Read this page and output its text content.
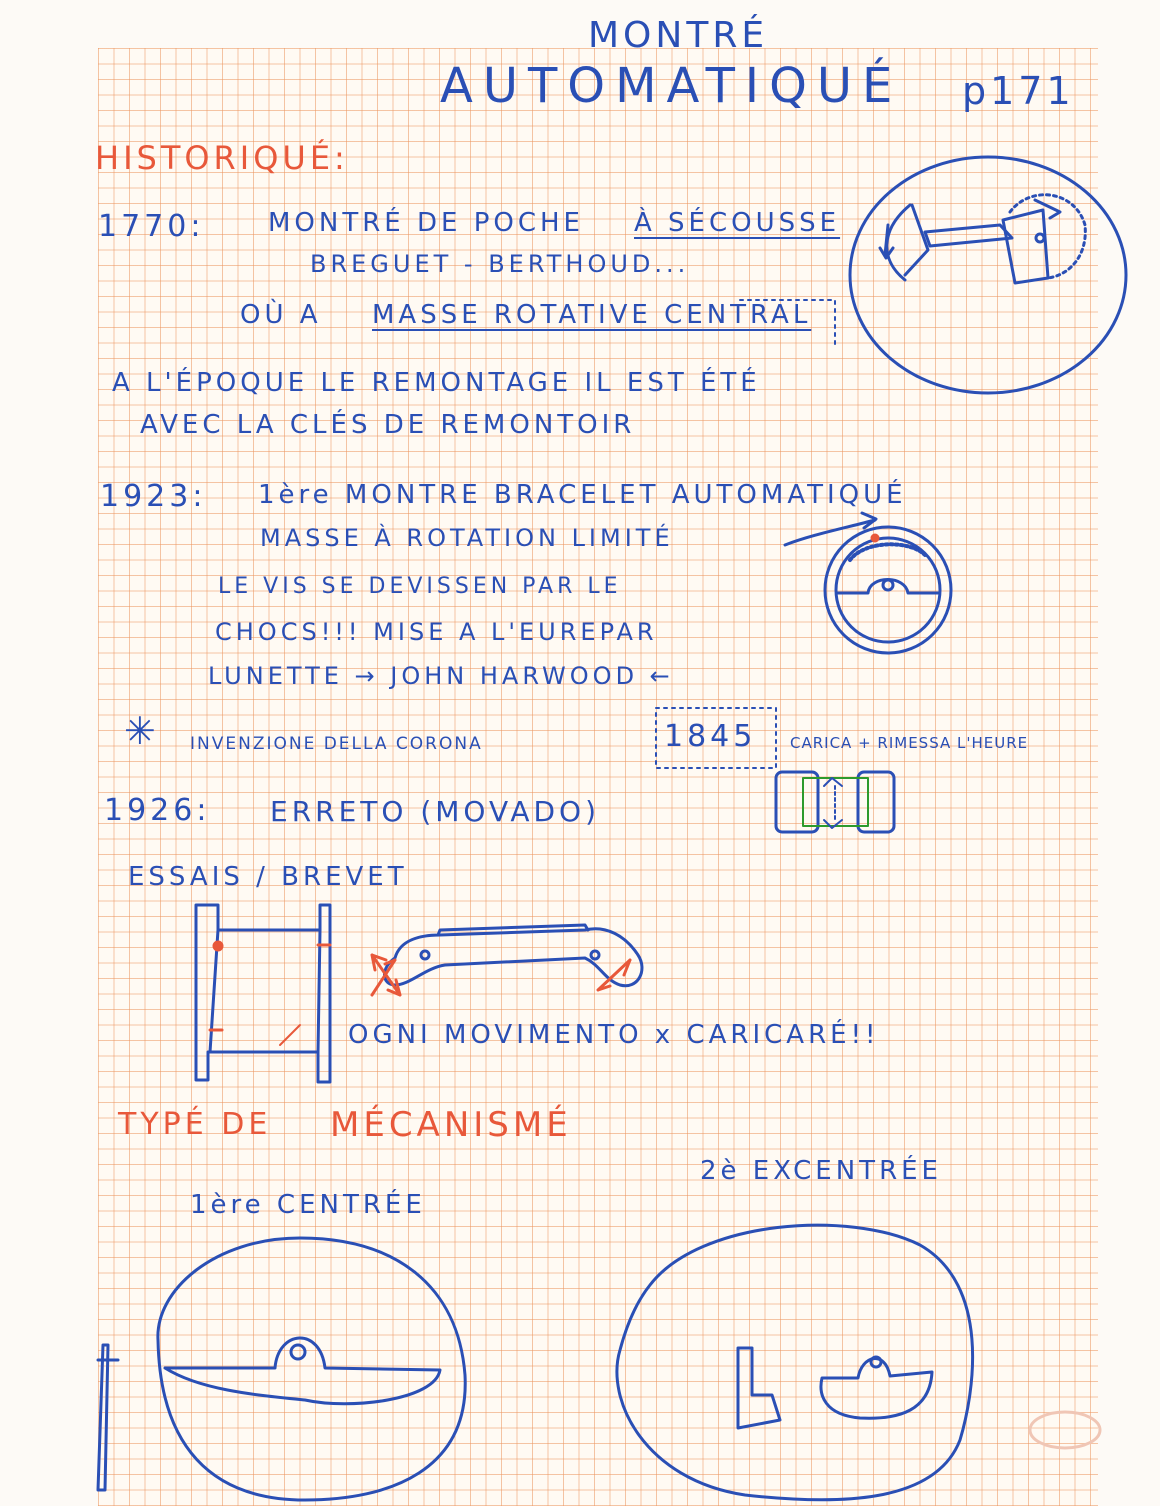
MONTRÉ
AUTOMATIQUÉ p171
HISTORIQUÉ:
1770: MONTRÉ DE POCHE À SÉCOUSSE
BREGUET - BERTHOUD...
OÙ A MASSE ROTATIVE CENTRAL
A L'ÉPOQUE LE REMONTAGE IL EST ÉTÉ
AVEC LA CLÉS DE REMONTOIR
1923: 1ère MONTRE BRACELET AUTOMATIQUÉ
MASSE À ROTATION LIMITÉ
LE VIS SE DEVISSEN PAR LE
CHOCS!!! MISE A L'EUREPAR
LUNETTE → JOHN HARWOOD ←
✳ INVENZIONE DELLA CORONA	1845 CARICA + RIMESSA L'HEURE
1926: ERRETO (MOVADO)
ESSAIS / BREVET
OGNI MOVIMENTO x CARICARÉ!!
TYPÉ DE MÉCANISMÉ
1ère CENTRÉE
2è EXCENTRÉE
